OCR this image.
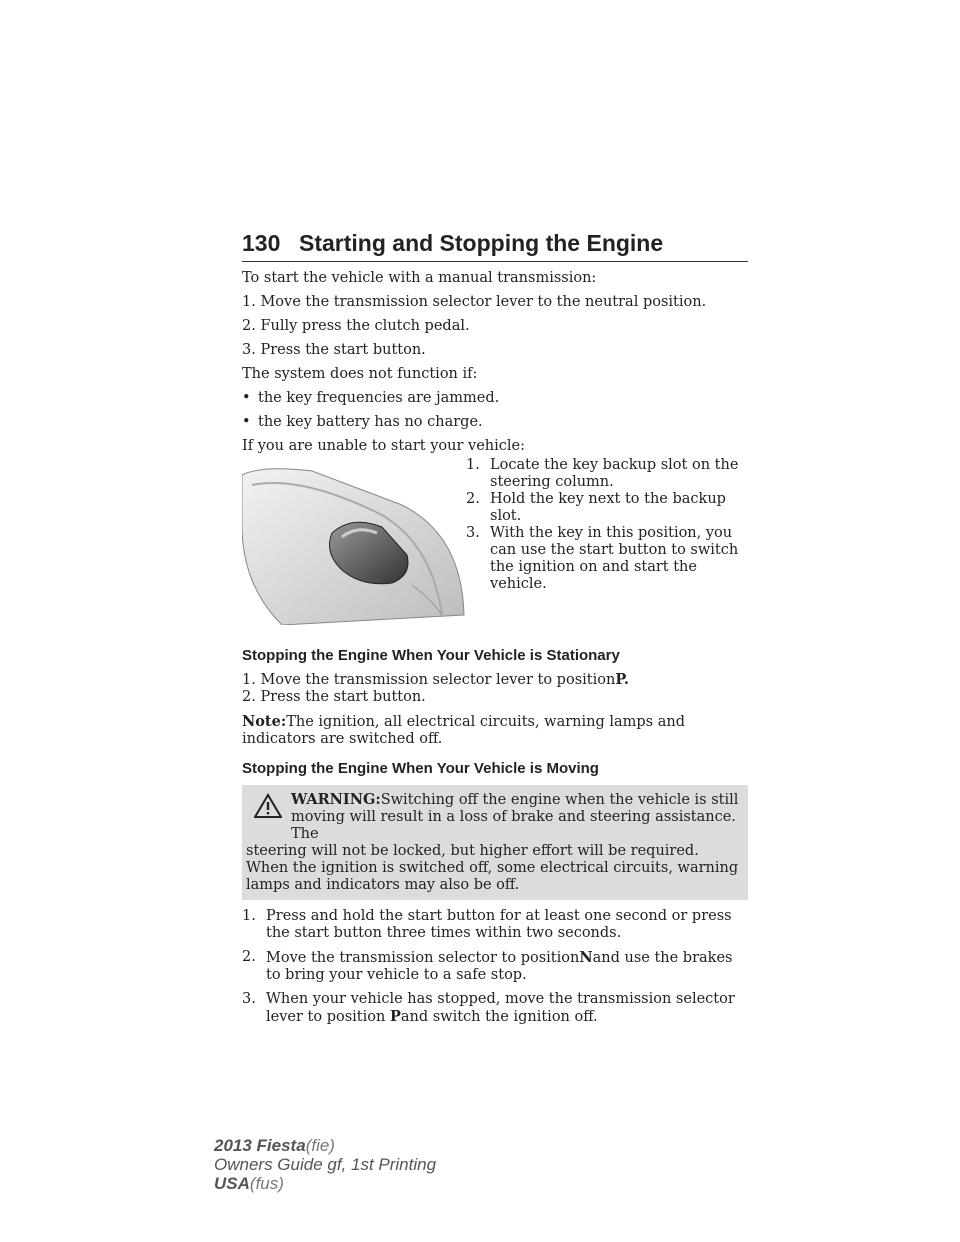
130 Starting and Stopping the Engine

To start the vehicle with a manual transmission:

1. Move the transmission selector lever to the neutral position.

2. Fully press the clutch pedal.

3. Press the start button.

The system does not function if:

• the key frequencies are jammed.
• the key battery has no charge.

If you are unable to start your vehicle:

1. Locate the key backup slot on the steering column.
2. Hold the key next to the backup slot.
3. With the key in this position, you can use the start button to switch the ignition on and start the vehicle.
Stopping the Engine When Your Vehicle is Stationary

1. Move the transmission selector lever to positionP.

2. Press the start button.

Note:The ignition, all electrical circuits, warning lamps and indicators are switched off.

Stopping the Engine When Your Vehicle is Moving

WARNING:Switching off the engine when the vehicle is still moving will result in a loss of brake and steering assistance. The

steering will not be locked, but higher effort will be required. When the ignition is switched off, some electrical circuits, warning lamps and indicators may also be off.

1. Press and hold the start button for at least one second or press the start button three times within two seconds.
2. Move the transmission selector to positionNand use the brakes to bring your vehicle to a safe stop.
3. When your vehicle has stopped, move the transmission selector lever to position Pand switch the ignition off.
2013 Fiesta(fie)
Owners Guide gf, 1st Printing
USA(fus)
